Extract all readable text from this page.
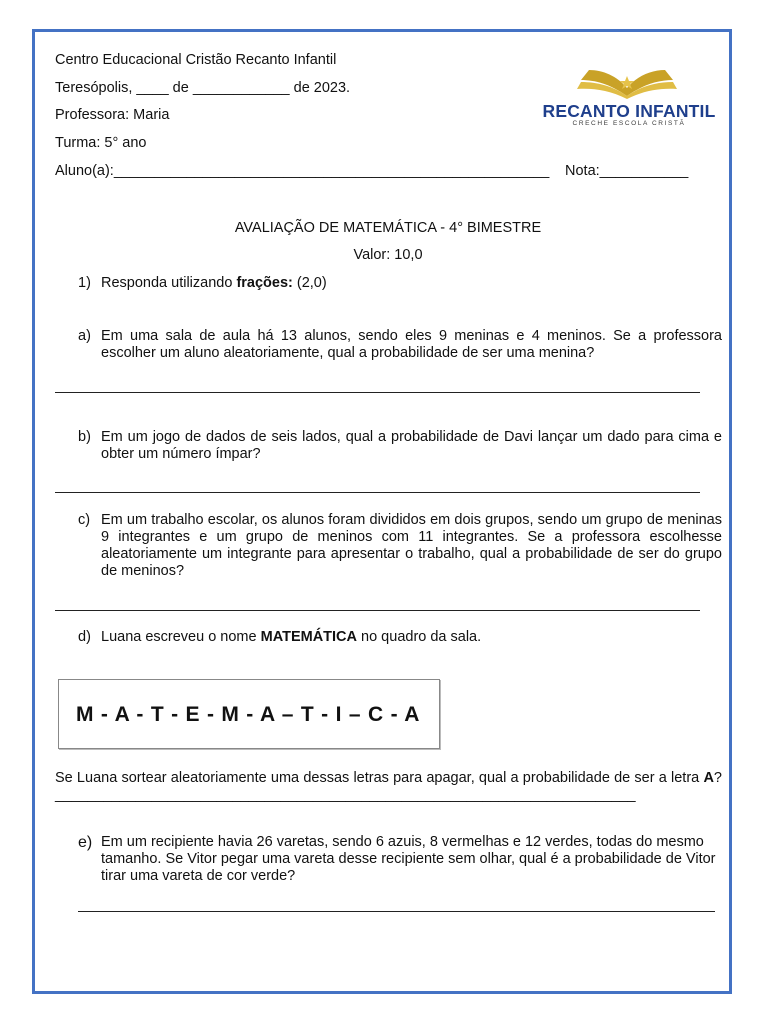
Centro Educacional Cristão Recanto Infantil
Teresópolis, ____ de ____________ de 2023.
Professora: Maria
Turma: 5° ano
Aluno(a):______________________________________________________ Nota:___________
RECANTO INFANTIL
CRECHE ESCOLA CRISTÃ
AVALIAÇÃO DE MATEMÁTICA - 4° BIMESTRE
Valor: 10,0
1) Responda utilizando frações: (2,0)
a) Em uma sala de aula há 13 alunos, sendo eles 9 meninas e 4 meninos. Se a professora escolher um aluno aleatoriamente, qual a probabilidade de ser uma menina?
b) Em um jogo de dados de seis lados, qual a probabilidade de Davi lançar um dado para cima e obter um número ímpar?
c) Em um trabalho escolar, os alunos foram divididos em dois grupos, sendo um grupo de meninas 9 integrantes e um grupo de meninos com 11 integrantes. Se a professora escolhesse aleatoriamente um integrante para apresentar o trabalho, qual a probabilidade de ser do grupo de meninos?
d) Luana escreveu o nome MATEMÁTICA no quadro da sala.
M - A - T - E - M - A – T - I – C - A
Se Luana sortear aleatoriamente uma dessas letras para apagar, qual a probabilidade de ser a letra A? ________________________________________________________________________
e) Em um recipiente havia 26 varetas, sendo 6 azuis, 8 vermelhas e 12 verdes, todas do mesmo tamanho. Se Vitor pegar uma vareta desse recipiente sem olhar, qual é a probabilidade de Vitor tirar uma vareta de cor verde?
